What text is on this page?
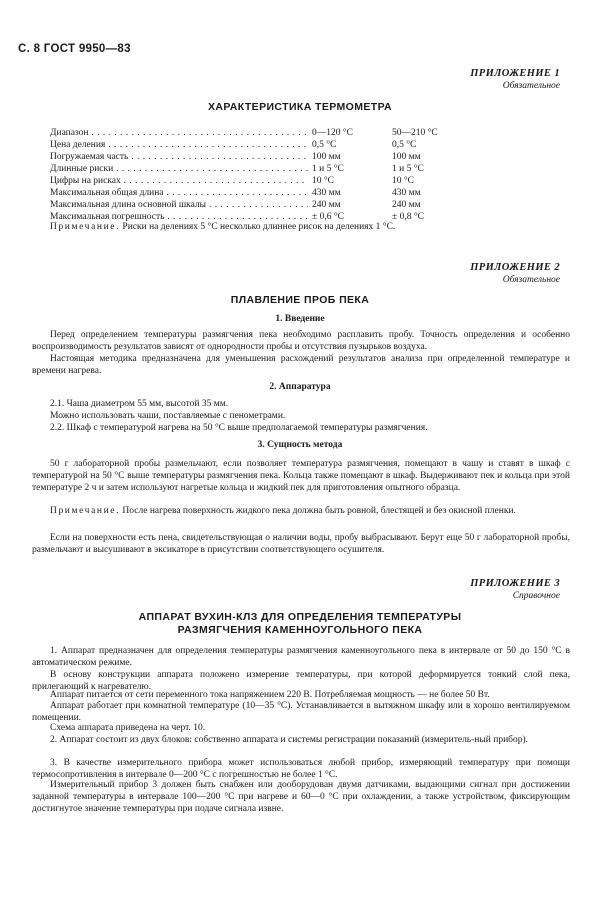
С. 8 ГОСТ 9950—83
ПРИЛОЖЕНИЕ 1
Обязательное
ХАРАКТЕРИСТИКА ТЕРМОМЕТРА
Диапазон . . .	0—120 °C	50—210 °C
Цена деления . . .	0,5 °C	0,5 °C
Погружаемая часть . . .	100 мм	100 мм
Длинные риски . . .	1 и 5 °C	1 и 5 °C
Цифры на рисках . . .	10 °C	10 °C
Максимальная общая длина . . .	430 мм	430 мм
Максимальная длина основной шкалы . . .	240 мм	240 мм
Максимальная погрешность . . .	± 0,6 °C	± 0,8 °C
Примечание. Риски на делениях 5 °C несколько длиннее рисок на делениях 1 °C.
ПРИЛОЖЕНИЕ 2
Обязательное
ПЛАВЛЕНИЕ ПРОБ ПЕКА
1. Введение
Перед определением температуры размягчения пека необходимо расплавить пробу. Точность определения и особенно воспроизводимость результатов зависят от однородности пробы и отсутствия пузырьков воздуха.
Настоящая методика предназначена для уменьшения расхождений результатов анализа при определенной температуре и времени нагрева.
2. Аппаратура
2.1. Чаша диаметром 55 мм, высотой 35 мм.
Можно использовать чаши, поставляемые с пенометрами.
2.2. Шкаф с температурой нагрева на 50 °C выше предполагаемой температуры размягчения.
3. Сущность метода
50 г лабораторной пробы размельчают, если позволяет температура размягчения, помещают в чашу и ставят в шкаф с температурой на 50 °C выше температуры размягчения пека. Кольца также помещают в шкаф. Выдерживают пек и кольца при этой температуре 2 ч и затем используют нагретые кольца и жидкий пек для приготовления опытного образца.
Примечание. После нагрева поверхность жидкого пека должна быть ровной, блестящей и без окисной пленки.
Если на поверхности есть пена, свидетельствующая о наличии воды, пробу выбрасывают. Берут еще 50 г лабораторной пробы, размельчают и высушивают в эксикаторе в присутствии соответствующего осушителя.
ПРИЛОЖЕНИЕ 3
Справочное
АППАРАТ ВУХИН-КЛЗ ДЛЯ ОПРЕДЕЛЕНИЯ ТЕМПЕРАТУРЫ
РАЗМЯГЧЕНИЯ КАМЕННОУГОЛЬНОГО ПЕКА
1. Аппарат предназначен для определения температуры размягчения каменноугольного пека в интервале от 50 до 150 °C в автоматическом режиме.
В основу конструкции аппарата положено измерение температуры, при которой деформируется тонкий слой пека, прилегающий к нагревателю.
Аппарат питается от сети переменного тока напряжением 220 В. Потребляемая мощность — не более 50 Вт.
Аппарат работает при комнатной температуре (10—35 °C). Устанавливается в вытяжном шкафу или в хорошо вентилируемом помещении.
Схема аппарата приведена на черт. 10.
2. Аппарат состоит из двух блоков: собственно аппарата и системы регистрации показаний (измеритель-ный прибор).
3. В качестве измерительного прибора может использоваться любой прибор, измеряющий температуру при помощи термосопротивления в интервале 0—200 °C с погрешностью не более 1 °C.
Измерительный прибор 3 должен быть снабжен или дооборудован двумя датчиками, выдающими сигнал при достижении заданной температуры в интервале 100—200 °C при нагреве и 60—0 °C при охлаждении, а также устройством, фиксирующим достигнутое значение температуры при подаче сигнала извне.
